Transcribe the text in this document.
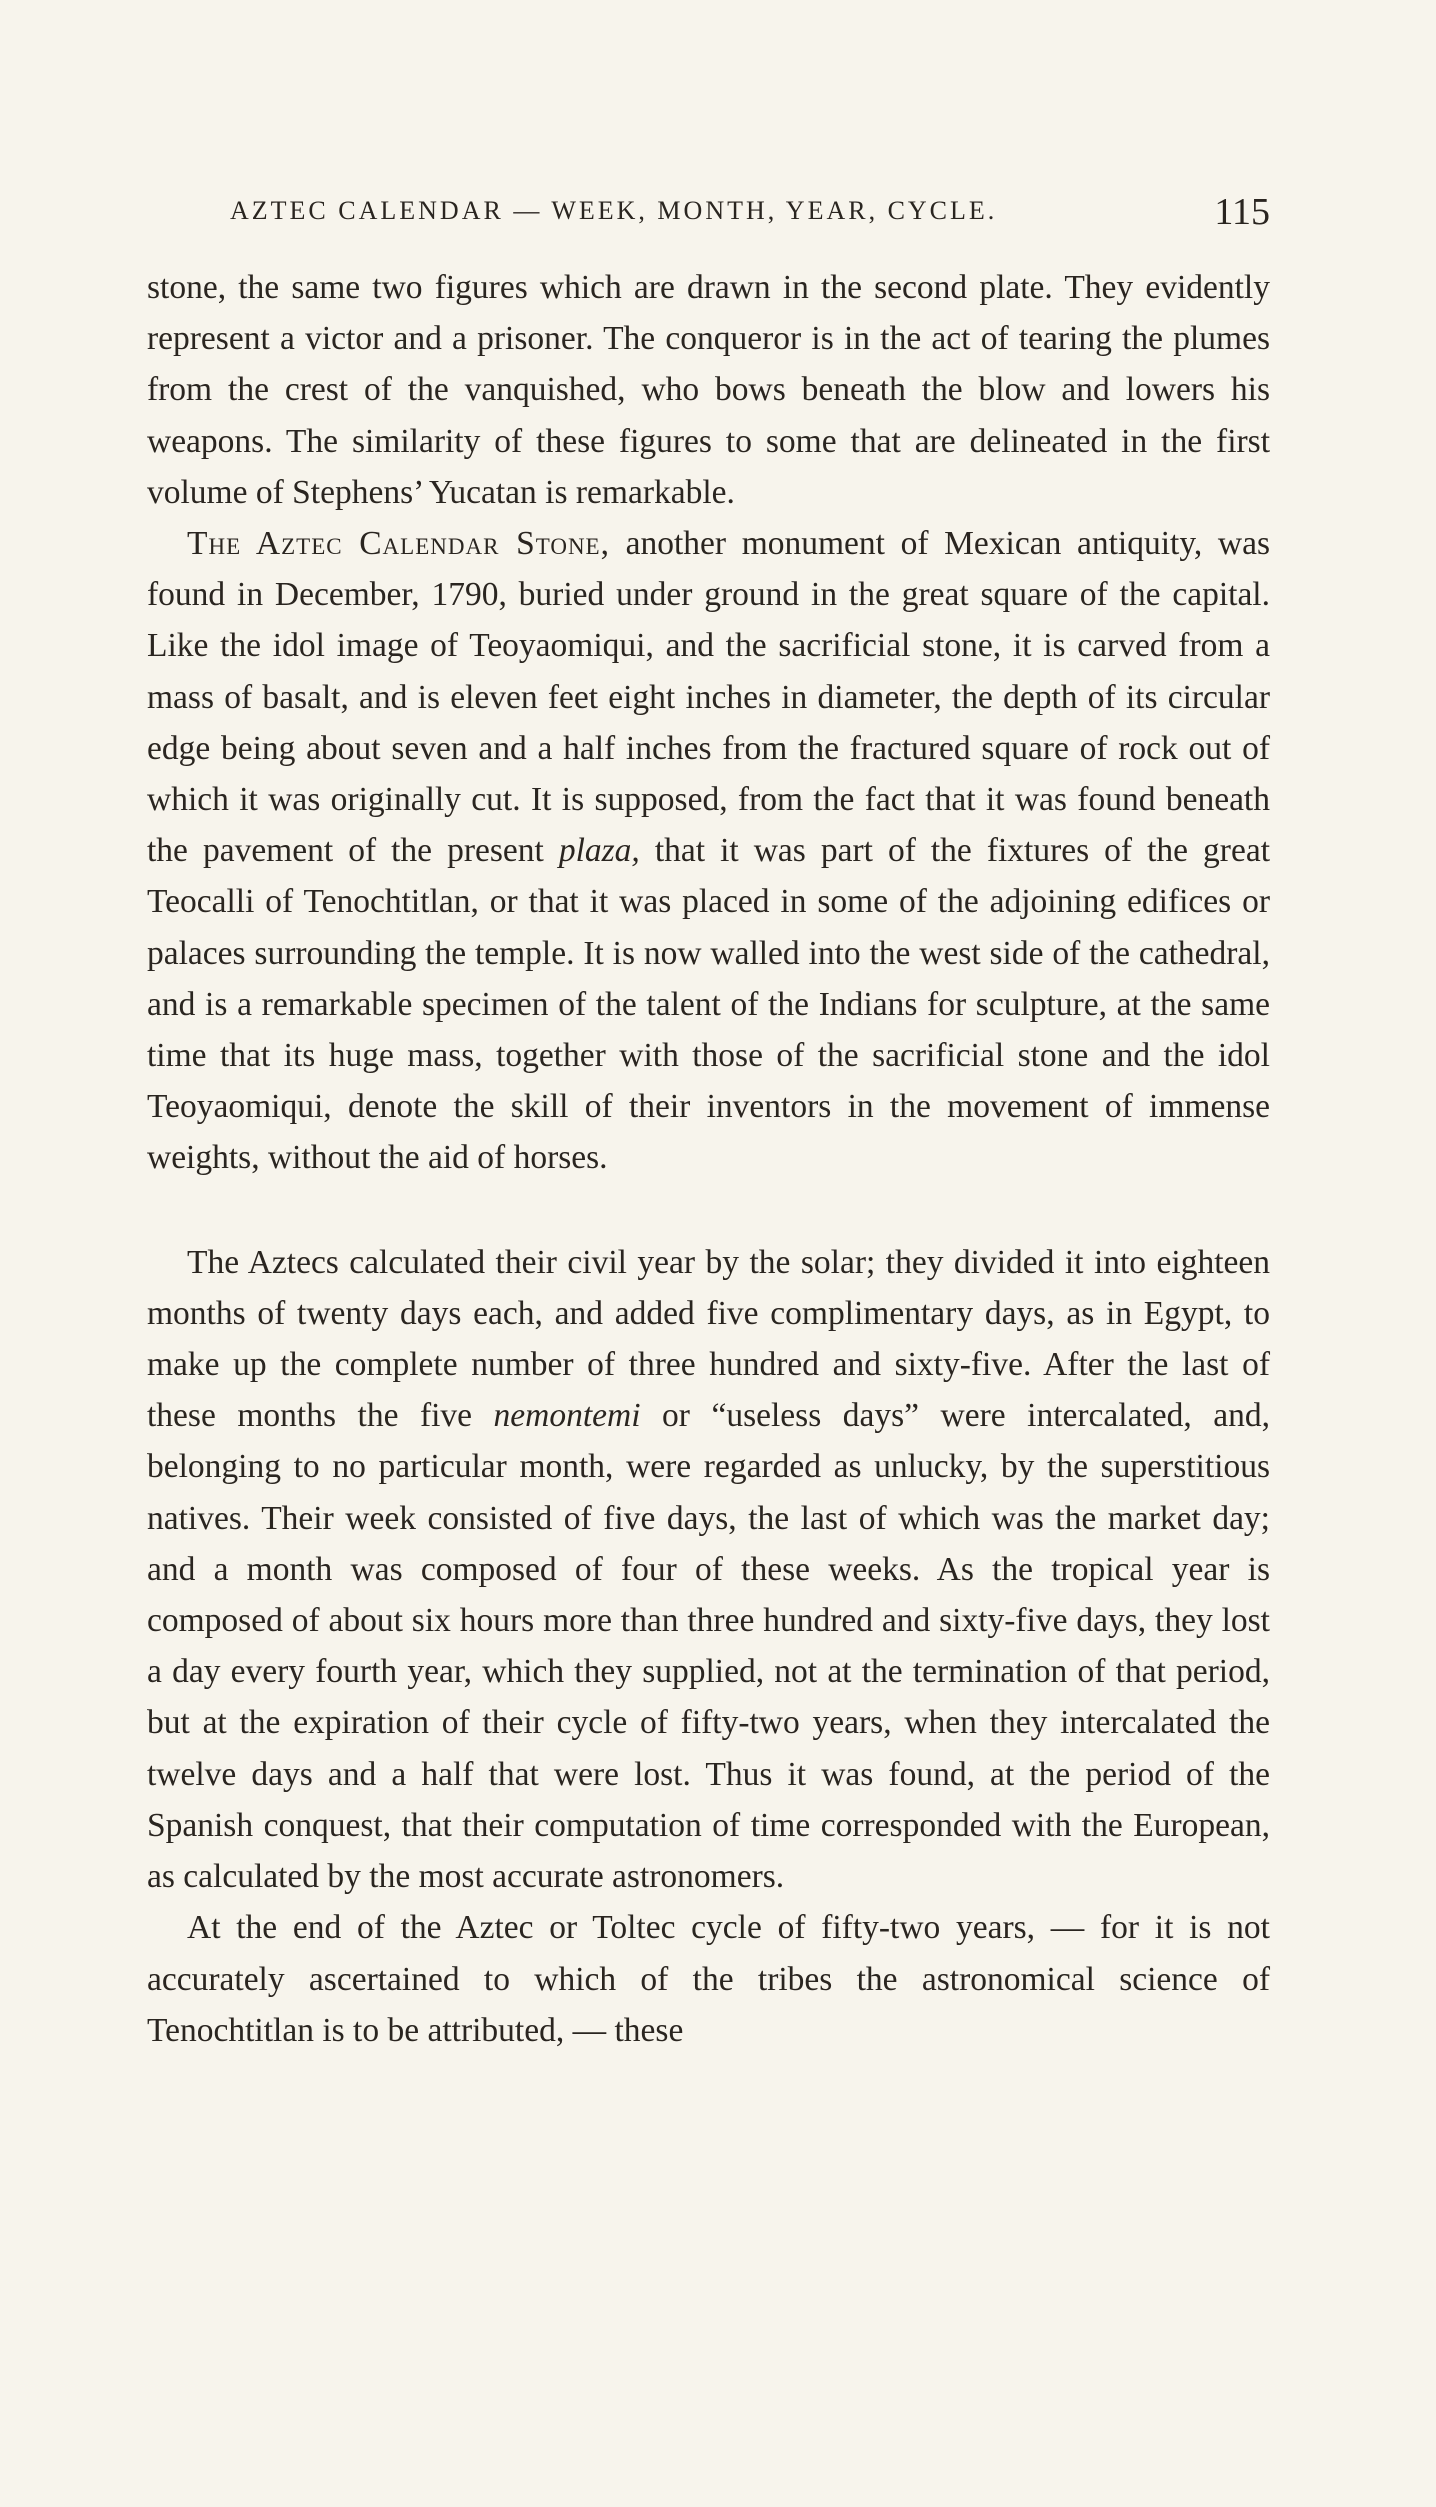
AZTEC CALENDAR — WEEK, MONTH, YEAR, CYCLE.	115

stone, the same two figures which are drawn in the second plate. They evidently represent a victor and a prisoner. The conqueror is in the act of tearing the plumes from the crest of the vanquished, who bows beneath the blow and lowers his weapons. The similarity of these figures to some that are delineated in the first volume of Stephens’ Yucatan is remarkable.

The Aztec Calendar Stone, another monument of Mexican antiquity, was found in December, 1790, buried under ground in the great square of the capital. Like the idol image of Teoyaomiqui, and the sacrificial stone, it is carved from a mass of basalt, and is eleven feet eight inches in diameter, the depth of its circular edge being about seven and a half inches from the fractured square of rock out of which it was originally cut. It is supposed, from the fact that it was found beneath the pavement of the present plaza, that it was part of the fixtures of the great Teocalli of Tenochtitlan, or that it was placed in some of the adjoining edifices or palaces surrounding the temple. It is now walled into the west side of the cathedral, and is a remarkable specimen of the talent of the Indians for sculpture, at the same time that its huge mass, together with those of the sacrificial stone and the idol Teoyaomiqui, denote the skill of their inventors in the movement of immense weights, without the aid of horses.

The Aztecs calculated their civil year by the solar; they divided it into eighteen months of twenty days each, and added five complimentary days, as in Egypt, to make up the complete number of three hundred and sixty-five. After the last of these months the five nemontemi or “useless days” were intercalated, and, belonging to no particular month, were regarded as unlucky, by the superstitious natives. Their week consisted of five days, the last of which was the market day; and a month was composed of four of these weeks. As the tropical year is composed of about six hours more than three hundred and sixty-five days, they lost a day every fourth year, which they supplied, not at the termination of that period, but at the expiration of their cycle of fifty-two years, when they intercalated the twelve days and a half that were lost. Thus it was found, at the period of the Spanish conquest, that their computation of time corresponded with the European, as calculated by the most accurate astronomers.

At the end of the Aztec or Toltec cycle of fifty-two years, — for it is not accurately ascertained to which of the tribes the astronomical science of Tenochtitlan is to be attributed, — these
